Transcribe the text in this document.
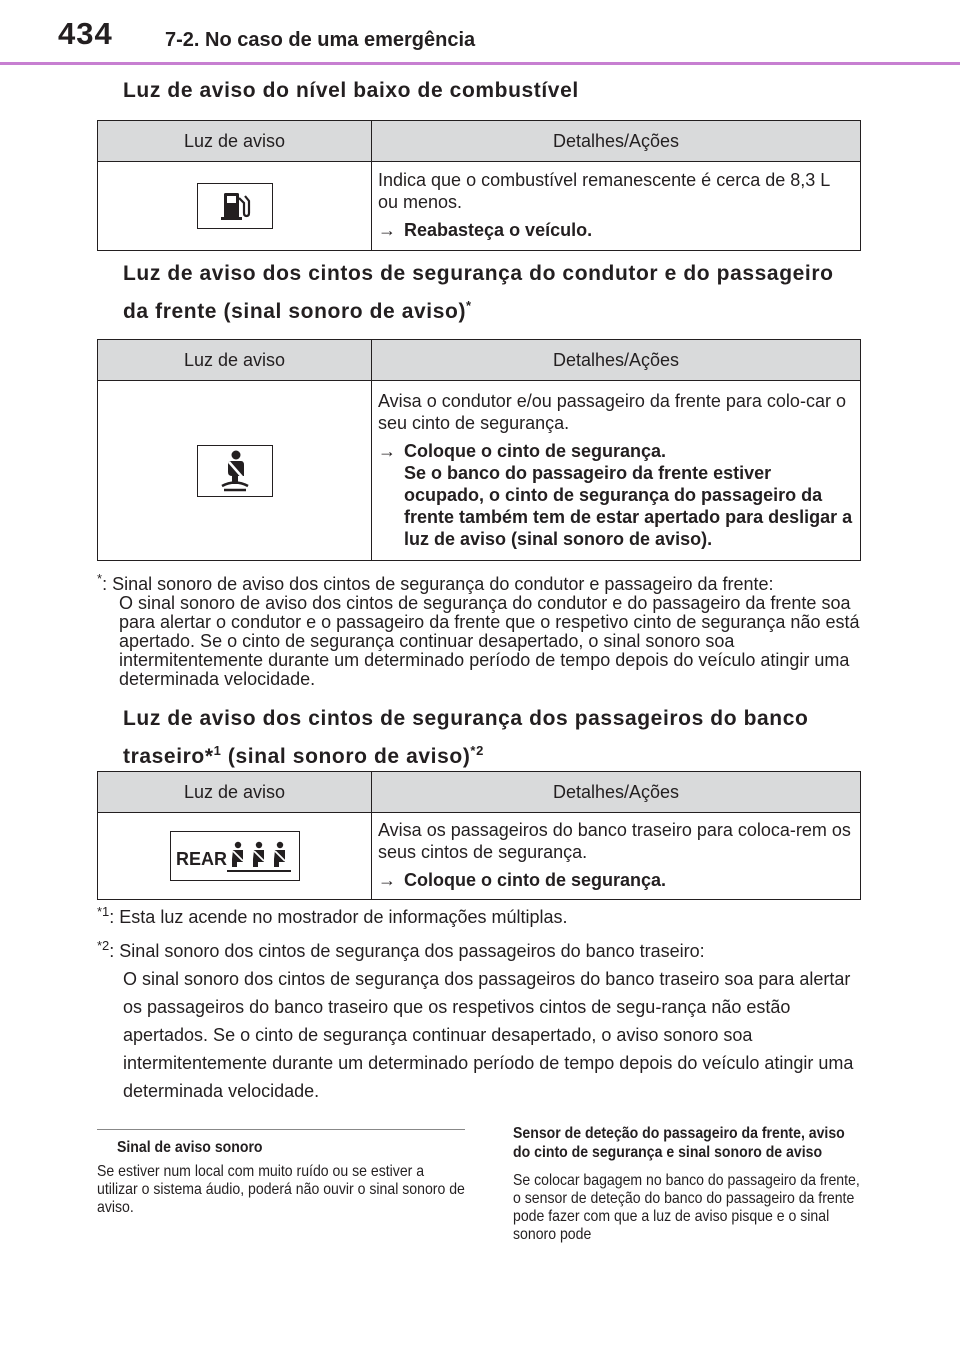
434	7-2. No caso de uma emergência
Luz de aviso do nível baixo de combustível
Luz de aviso	Detalhes/Ações

Indica que o combustível remanescente é cerca de 8,3 L ou menos.

→ Reabasteça o veículo.

Luz de aviso dos cintos de segurança do condutor e do passageiro
da frente (sinal sonoro de aviso)*
Luz de aviso	Detalhes/Ações

Avisa o condutor e/ou passageiro da frente para colo-car o seu cinto de segurança.

→ Coloque o cinto de segurança.
Se o banco do passageiro da frente estiver ocupado, o cinto de segurança do passageiro da frente também tem de estar apertado para desligar a luz de aviso (sinal sonoro de aviso).
*: Sinal sonoro de aviso dos cintos de segurança do condutor e passageiro da frente:
O sinal sonoro de aviso dos cintos de segurança do condutor e do passageiro da frente soa para alertar o condutor e o passageiro da frente que o respetivo cinto de segurança não está apertado. Se o cinto de segurança continuar desapertado, o sinal sonoro soa intermitentemente durante um determinado período de tempo depois do veículo atingir uma determinada velocidade.
Luz de aviso dos cintos de segurança dos passageiros do banco
traseiro*$^1$ (sinal sonoro de aviso)$^{*2}$
Luz de aviso	Detalhes/Ações

REAR	Avisa os passageiros do banco traseiro para coloca-rem os seus cintos de segurança.

→ Coloque o cinto de segurança.

$^{*1}$: Esta luz acende no mostrador de informações múltiplas.
$^{*2}$: Sinal sonoro dos cintos de segurança dos passageiros do banco traseiro:
O sinal sonoro dos cintos de segurança dos passageiros do banco traseiro soa para alertar os passageiros do banco traseiro que os respetivos cintos de segu-rança não estão apertados. Se o cinto de segurança continuar desapertado, o aviso sonoro soa intermitentemente durante um determinado período de tempo depois do veículo atingir uma determinada velocidade.
Sinal de aviso sonoro
Se estiver num local com muito ruído ou se estiver a utilizar o sistema áudio, poderá não ouvir o sinal sonoro de aviso.
Sensor de deteção do passageiro da frente, aviso do cinto de segurança e sinal sonoro de aviso
Se colocar bagagem no banco do passageiro da frente, o sensor de deteção do banco do passageiro da frente pode fazer com que a luz de aviso pisque e o sinal sonoro pode
